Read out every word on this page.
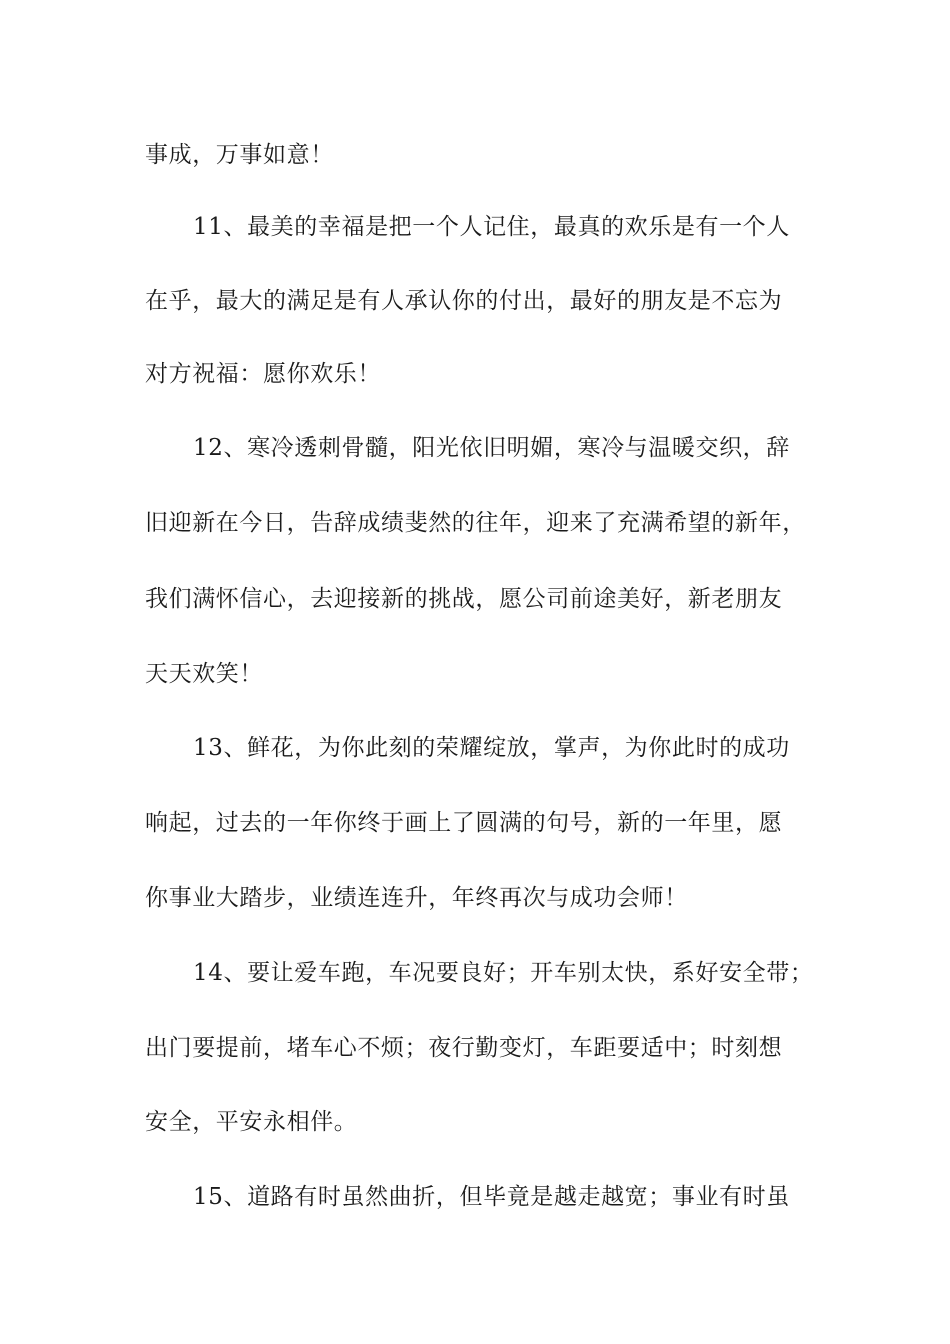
事成，万事如意！
11、最美的幸福是把一个人记住，最真的欢乐是有一个人
在乎，最大的满足是有人承认你的付出，最好的朋友是不忘为
对方祝福：愿你欢乐！
12、寒冷透刺骨髓，阳光依旧明媚，寒冷与温暖交织，辞
旧迎新在今日，告辞成绩斐然的往年，迎来了充满希望的新年，
我们满怀信心，去迎接新的挑战，愿公司前途美好，新老朋友
天天欢笑！
13、鲜花，为你此刻的荣耀绽放，掌声，为你此时的成功
响起，过去的一年你终于画上了圆满的句号，新的一年里，愿
你事业大踏步，业绩连连升，年终再次与成功会师！
14、要让爱车跑，车况要良好；开车别太快，系好安全带；
出门要提前，堵车心不烦；夜行勤变灯，车距要适中；时刻想
安全，平安永相伴。
15、道路有时虽然曲折，但毕竟是越走越宽；事业有时虽
